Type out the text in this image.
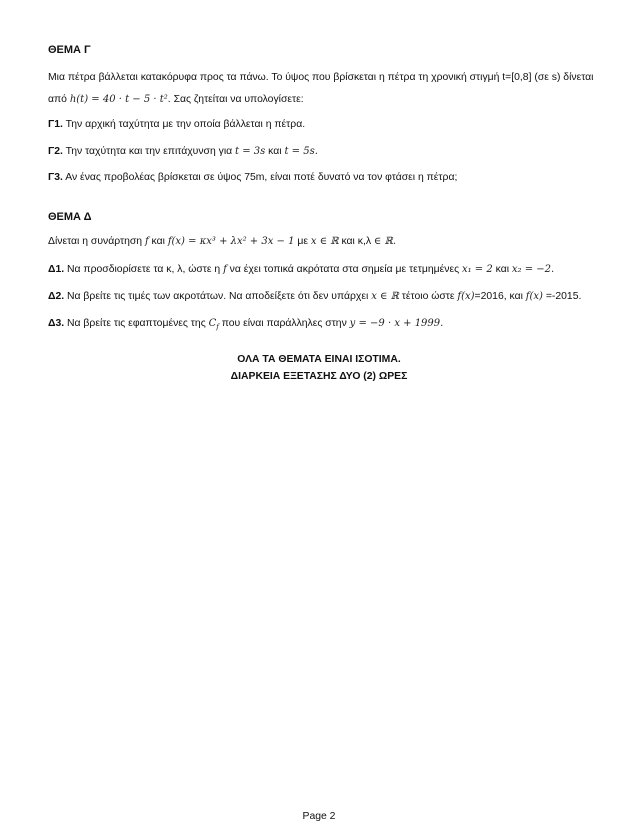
ΘΕΜΑ Γ
Μια πέτρα βάλλεται κατακόρυφα προς τα πάνω. Το ύψος που βρίσκεται η πέτρα τη χρονική στιγμή t=[0,8] (σε s) δίνεται
από h(t) = 40 · t − 5 · t². Σας ζητείται να υπολογίσετε:
Γ1. Την αρχική ταχύτητα με την οποία βάλλεται η πέτρα.
Γ2. Την ταχύτητα και την επιτάχυνση για t = 3s και t = 5s.
Γ3. Αν ένας προβολέας βρίσκεται σε ύψος 75m, είναι ποτέ δυνατό να τον φτάσει η πέτρα;
ΘΕΜΑ Δ
Δίνεται η συνάρτηση f και f(x) = κx³ + λx² + 3x − 1 με x ∈ ℝ και κ,λ ∈ ℝ.
Δ1. Να προσδιορίσετε τα κ, λ, ώστε η f να έχει τοπικά ακρότατα στα σημεία με τετμημένες x₁ = 2 και x₂ = −2.
Δ2. Να βρείτε τις τιμές των ακροτάτων. Να αποδείξετε ότι δεν υπάρχει x ∈ ℝ τέτοιο ώστε f(x)=2016, και f(x) =-2015.
Δ3. Να βρείτε τις εφαπτομένες της $C_f$ που είναι παράλληλες στην y = −9 · x + 1999.
ΟΛΑ ΤΑ ΘΕΜΑΤΑ ΕΙΝΑΙ ΙΣΟΤΙΜΑ.
ΔΙΑΡΚΕΙΑ ΕΞΕΤΑΣΗΣ ΔΥΟ (2) ΩΡΕΣ
Page 2
